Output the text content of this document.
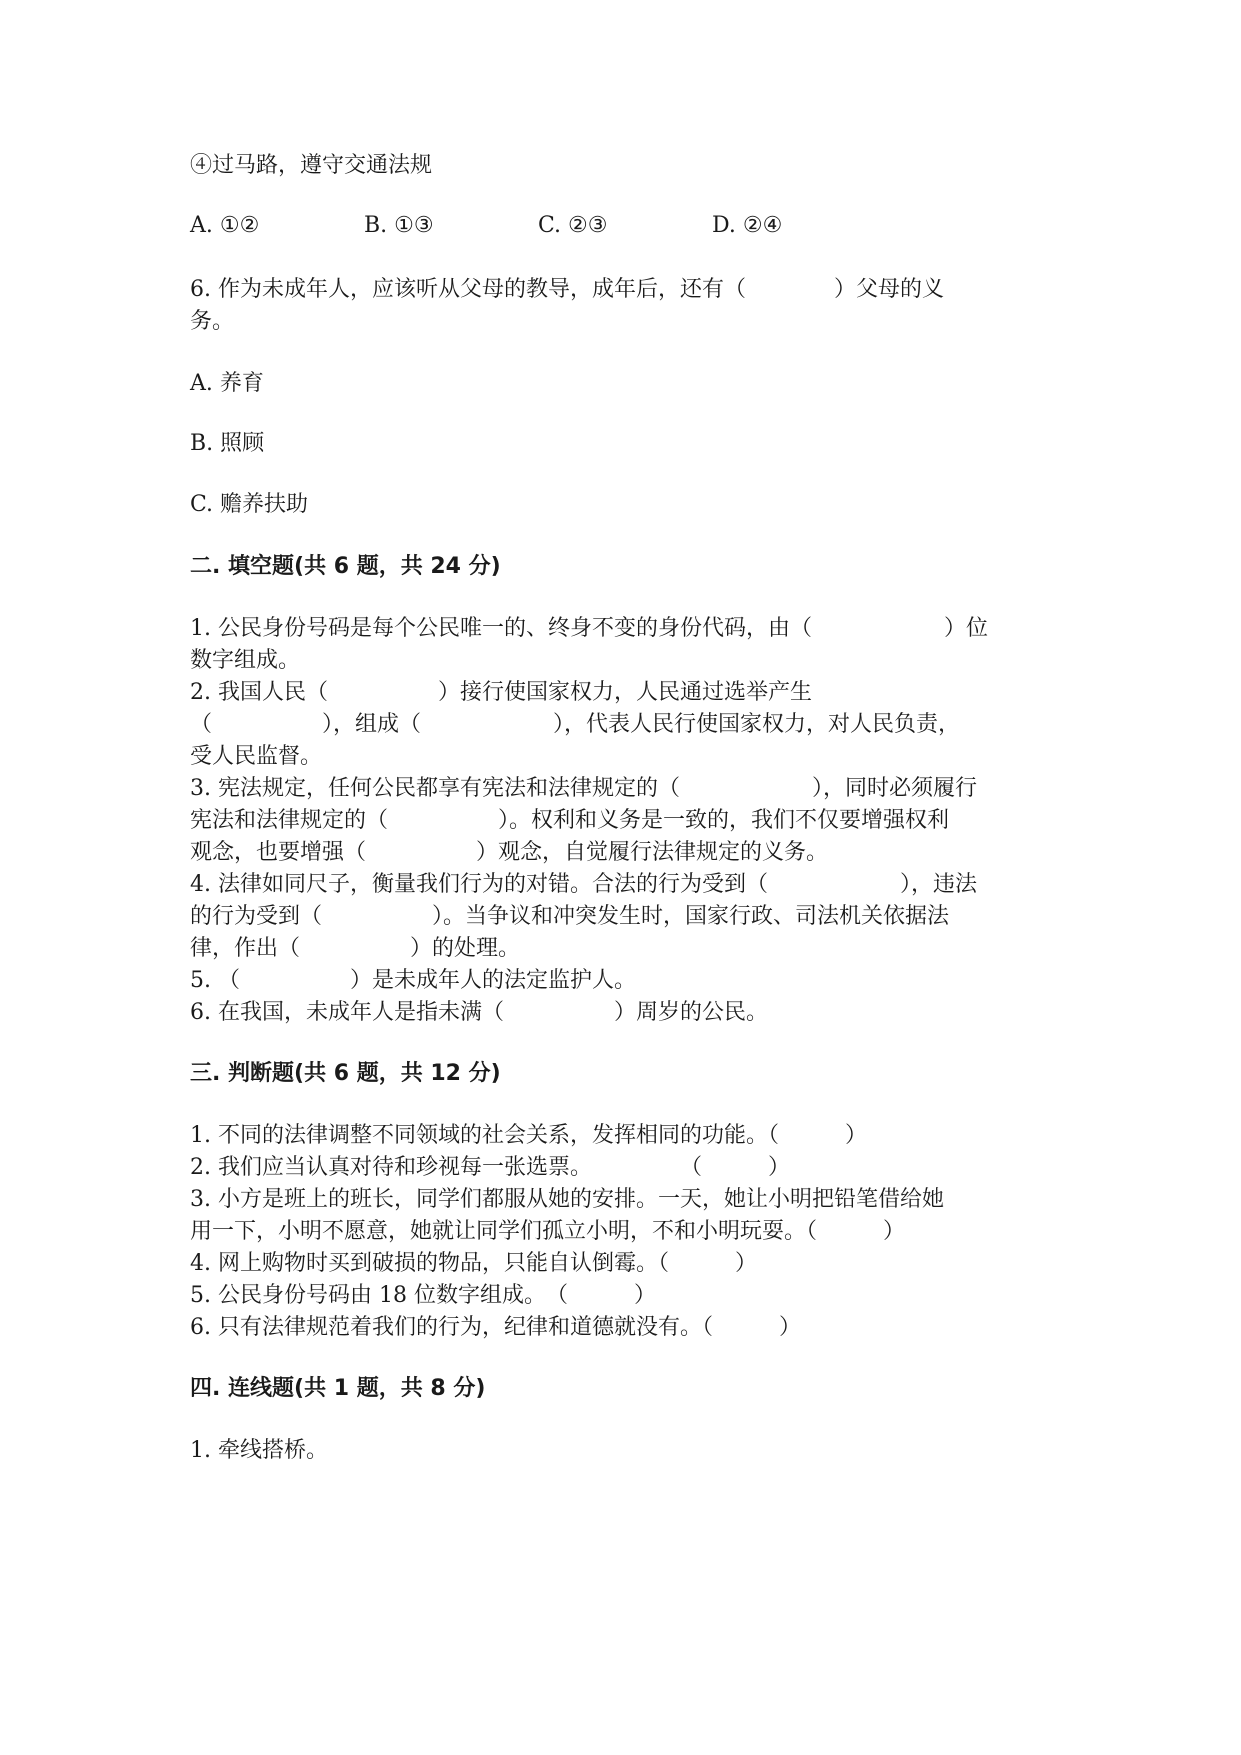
④过马路，遵守交通法规
A. ①②	B. ①③	C. ②③	D. ②④
6. 作为未成年人，应该听从父母的教导，成年后，还有（　　　　）父母的义
务。
A. 养育
B. 照顾
C. 赡养扶助
二. 填空题(共 6 题，共 24 分)
1. 公民身份号码是每个公民唯一的、终身不变的身份代码，由（　　　　　　）位
数字组成。
2. 我国人民（　　　　　）接行使国家权力，人民通过选举产生
（　　　　　），组成（　　　　　　），代表人民行使国家权力，对人民负责，
受人民监督。
3. 宪法规定，任何公民都享有宪法和法律规定的（　　　　　　），同时必须履行
宪法和法律规定的（　　　　　）。权利和义务是一致的，我们不仅要增强权利
观念，也要增强（　　　　　）观念，自觉履行法律规定的义务。
4. 法律如同尺子，衡量我们行为的对错。合法的行为受到（　　　　　　），违法
的行为受到（　　　　　）。当争议和冲突发生时，国家行政、司法机关依据法
律，作出（　　　　　）的处理。
5. （　　　　　）是未成年人的法定监护人。
6. 在我国，未成年人是指未满（　　　　　）周岁的公民。
三. 判断题(共 6 题，共 12 分)
1. 不同的法律调整不同领域的社会关系，发挥相同的功能。（　　　）
2. 我们应当认真对待和珍视每一张选票。　　　　　（　　　）
3. 小方是班上的班长，同学们都服从她的安排。一天，她让小明把铅笔借给她
用一下，小明不愿意，她就让同学们孤立小明，不和小明玩耍。（　　　）
4. 网上购物时买到破损的物品，只能自认倒霉。（　　　）
5. 公民身份号码由 18 位数字组成。　（　　　）
6. 只有法律规范着我们的行为，纪律和道德就没有。（　　　）
四. 连线题(共 1 题，共 8 分)
1. 牵线搭桥。
